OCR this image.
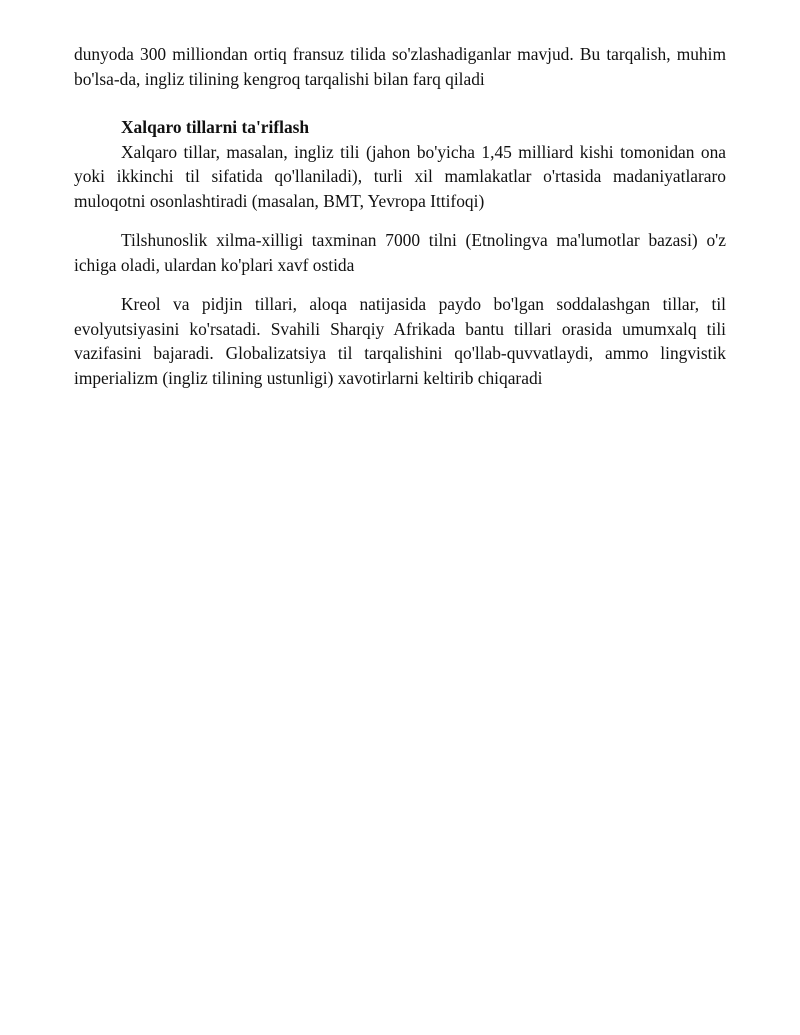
dunyoda 300 milliondan ortiq fransuz tilida so'zlashadiganlar mavjud. Bu tarqalish, muhim bo'lsa-da, ingliz tilining kengroq tarqalishi bilan farq qiladi

Xalqaro tillarni ta'riflash

Xalqaro tillar, masalan, ingliz tili (jahon bo'yicha 1,45 milliard kishi tomonidan ona yoki ikkinchi til sifatida qo'llaniladi), turli xil mamlakatlar o'rtasida madaniyatlararo muloqotni osonlashtiradi (masalan, BMT, Yevropa Ittifoqi)

Tilshunoslik xilma-xilligi taxminan 7000 tilni (Etnolingva ma'lumotlar bazasi) o'z ichiga oladi, ulardan ko'plari xavf ostida

Kreol va pidjin tillari, aloqa natijasida paydo bo'lgan soddalashgan tillar, til evolyutsiyasini ko'rsatadi. Svahili Sharqiy Afrikada bantu tillari orasida umumxalq tili vazifasini bajaradi. Globalizatsiya til tarqalishini qo'llab-quvvatlaydi, ammo lingvistik imperializm (ingliz tilining ustunligi) xavotirlarni keltirib chiqaradi
